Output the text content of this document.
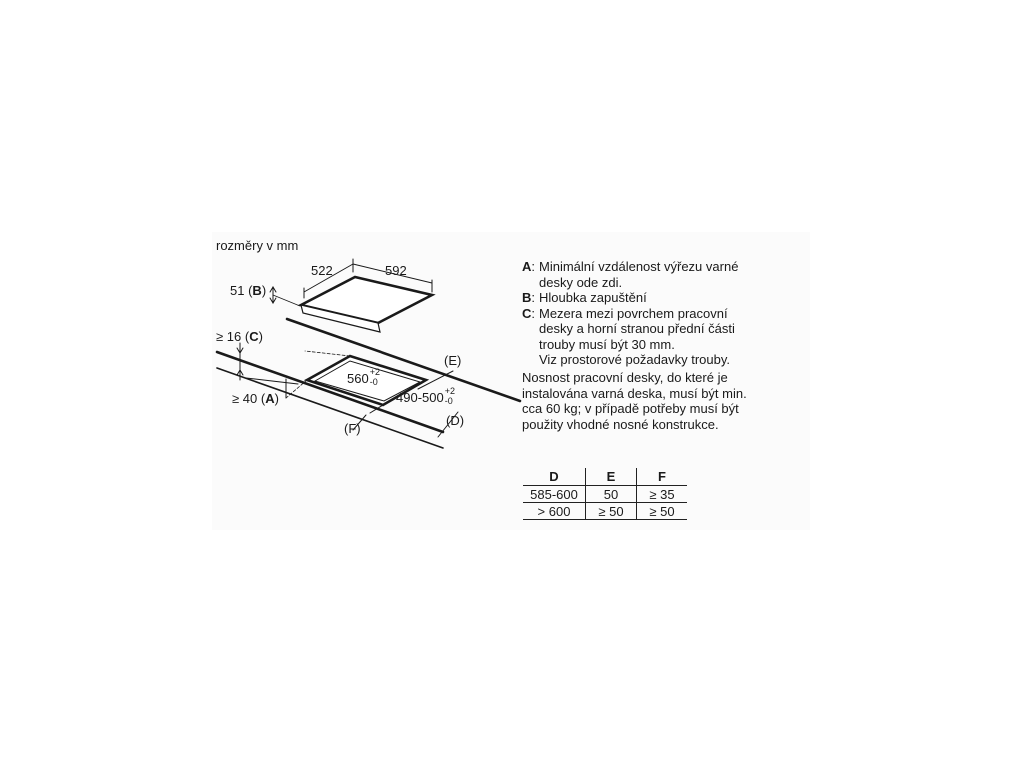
rozměry v mm
522	592
51 (B)
≥ 16 (C)
≥ 40 (A)
560 +2
-0
490-500 +2
-0
(E)
(F)
(D)
A : Minimální vzdálenost výřezu varné
desky ode zdi.
B : Hloubka zapuštění
C : Mezera mezi povrchem pracovní
desky a horní stranou přední části
trouby musí být 30 mm.
Viz prostorové požadavky trouby.
Nosnost pracovní desky, do které je
instalována varná deska, musí být min.
cca 60 kg; v případě potřeby musí být
použity vhodné nosné konstrukce.
D	E	F
585-600	50	≥ 35
> 600	≥ 50	≥ 50
